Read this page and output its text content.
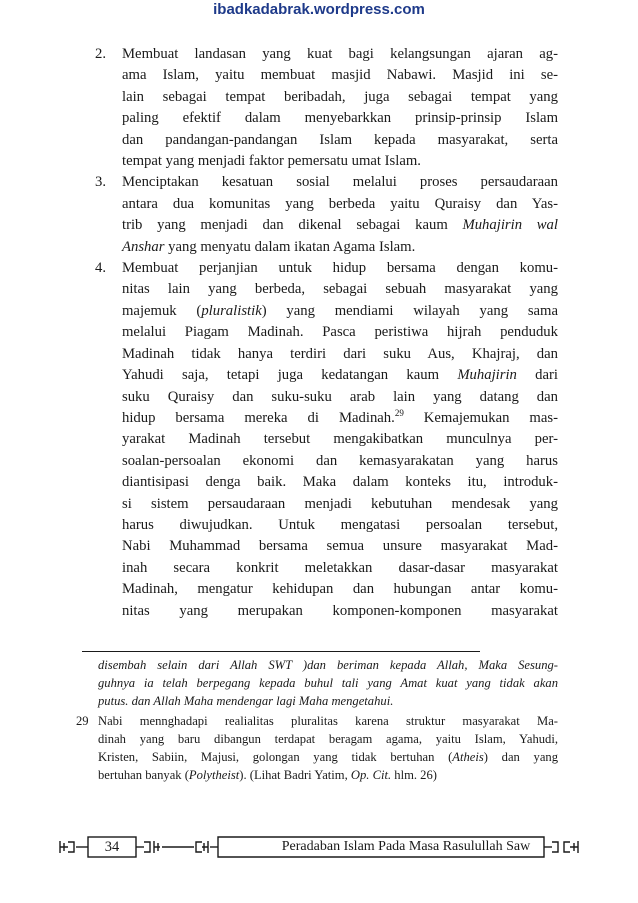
ibadkadabrak.wordpress.com
2. Membuat landasan yang kuat bagi kelangsungan ajaran ag-
ama Islam, yaitu membuat masjid Nabawi. Masjid ini se-
lain sebagai tempat beribadah, juga sebagai tempat yang
paling efektif dalam menyebarkkan prinsip-prinsip Islam
dan pandangan-pandangan Islam kepada masyarakat, serta
tempat yang menjadi faktor pemersatu umat Islam.
3. Menciptakan kesatuan sosial melalui proses persaudaraan
antara dua komunitas yang berbeda yaitu Quraisy dan Yas-
trib yang menjadi dan dikenal sebagai kaum Muhajirin wal
Anshar yang menyatu dalam ikatan Agama Islam.
4. Membuat perjanjian untuk hidup bersama dengan komu-
nitas lain yang berbeda, sebagai sebuah masyarakat yang
majemuk (pluralistik) yang mendiami wilayah yang sama
melalui Piagam Madinah. Pasca peristiwa hijrah penduduk
Madinah tidak hanya terdiri dari suku Aus, Khajraj, dan
Yahudi saja, tetapi juga kedatangan kaum Muhajirin dari
suku Quraisy dan suku-suku arab lain yang datang dan
hidup bersama mereka di Madinah.$^{29}$ Kemajemukan mas-
yarakat Madinah tersebut mengakibatkan munculnya per-
soalan-persoalan ekonomi dan kemasyarakatan yang harus
diantisipasi denga baik. Maka dalam konteks itu, introduk-
si sistem persaudaraan menjadi kebutuhan mendesak yang
harus diwujudkan. Untuk mengatasi persoalan tersebut,
Nabi Muhammad bersama semua unsure masyarakat Mad-
inah secara konkrit meletakkan dasar-dasar masyarakat
Madinah, mengatur kehidupan dan hubungan antar komu-
nitas yang merupakan komponen-komponen masyarakat
disembah selain dari Allah SWT )dan beriman kepada Allah, Maka Sesung-
guhnya ia telah berpegang kepada buhul tali yang Amat kuat yang tidak akan
putus. dan Allah Maha mendengar lagi Maha mengetahui.
29 Nabi mennghadapi realialitas pluralitas karena struktur masyarakat Ma-
dinah yang baru dibangun terdapat beragam agama, yaitu Islam, Yahudi,
Kristen, Sabiin, Majusi, golongan yang tidak bertuhan (Atheis) dan yang
bertuhan banyak (Polytheist). (Lihat Badri Yatim, Op. Cit. hlm. 26)
34	Peradaban Islam Pada Masa Rasulullah Saw
